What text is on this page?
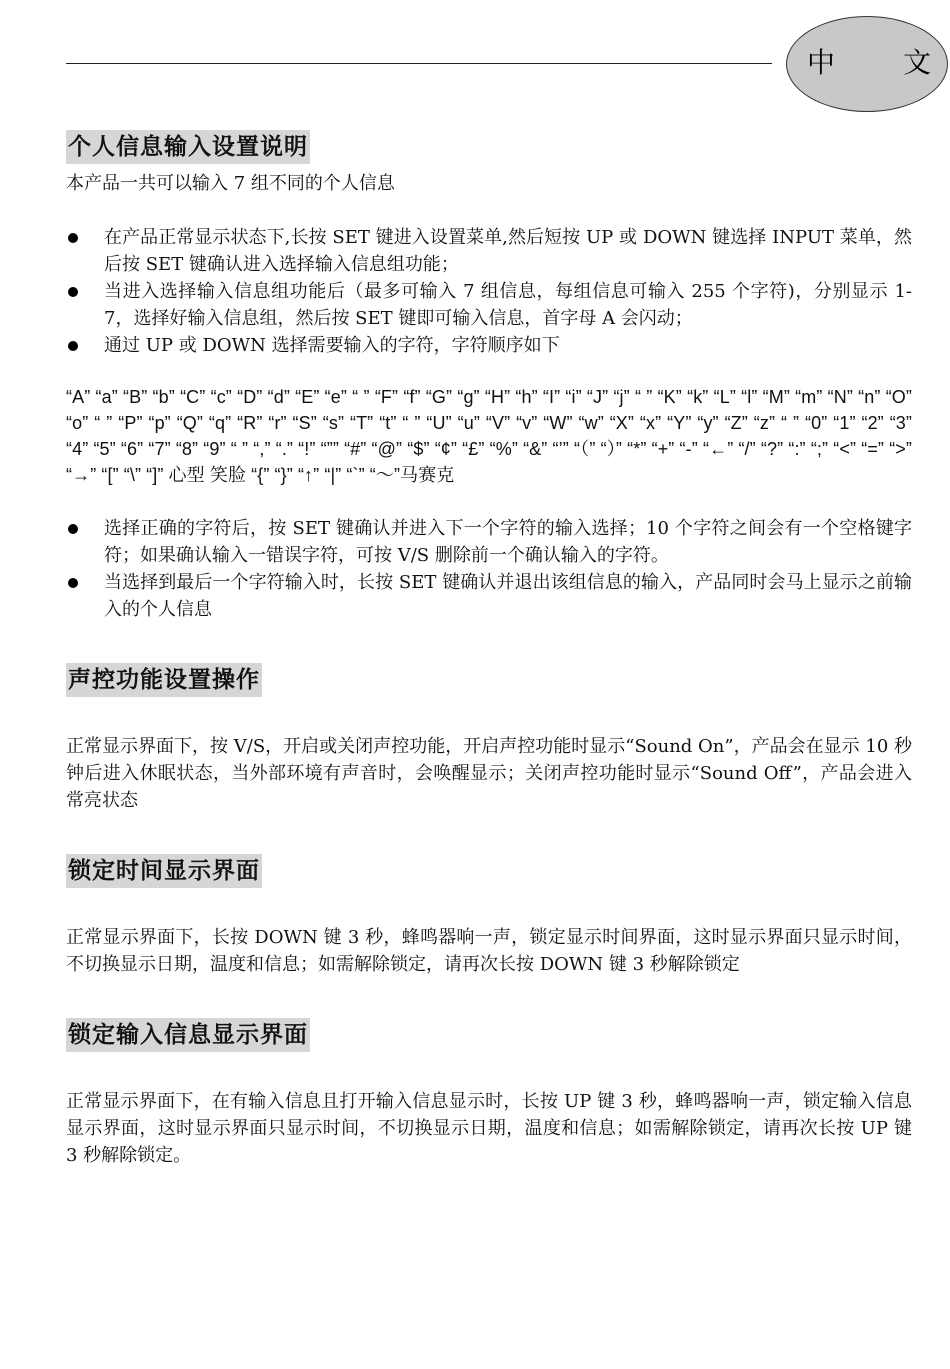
中 文
个人信息输入设置说明

本产品一共可以输入 7 组不同的个人信息

在产品正常显示状态下,长按 SET 键进入设置菜单,然后短按 UP 或 DOWN 键选择 INPUT 菜单，然后按 SET 键确认进入选择输入信息组功能；
当进入选择输入信息组功能后（最多可输入 7 组信息，每组信息可输入 255 个字符)，分别显示 1-7，选择好输入信息组，然后按 SET 键即可输入信息，首字母 A 会闪动；
通过 UP 或 DOWN 选择需要输入的字符，字符顺序如下

“A” “a” “B” “b” “C” “c” “D” “d” “E” “e” “ ” “F” “f” “G” “g” “H” “h” “I” “i” “J” “j” “ ” “K” “k” “L” “l” “M” “m” “N” “n” “O” “o” “ ” “P” “p” “Q” “q” “R” “r” “S” “s” “T” “t” “ ” “U” “u” “V” “v” “W” “w” “X” “x” “Y” “y” “Z” “z” “ ” “0” “1” “2” “3” “4” “5” “6” “7” “8” “9” “ ” “,” “.” “!” “”” “#” “@” “$” “¢” “£” “%” “&” “’” “（” “）” “*” “+” “-” “←” “/” “?” “:” “;” “<” “=” “>” “→” “[” “\” “]” 心型 笑脸 “{” “}” “↑” “|” “`” “～”马赛克

选择正确的字符后，按 SET 键确认并进入下一个字符的输入选择；10 个字符之间会有一个空格键字符；如果确认输入一错误字符，可按 V/S 删除前一个确认输入的字符。
当选择到最后一个字符输入时，长按 SET 键确认并退出该组信息的输入，产品同时会马上显示之前输入的个人信息
声控功能设置操作

正常显示界面下，按 V/S，开启或关闭声控功能，开启声控功能时显示“Sound On”，产品会在显示 10 秒钟后进入休眠状态，当外部环境有声音时，会唤醒显示；关闭声控功能时显示“Sound Off”，产品会进入常亮状态

锁定时间显示界面

正常显示界面下，长按 DOWN 键 3 秒，蜂鸣器响一声，锁定显示时间界面，这时显示界面只显示时间，不切换显示日期，温度和信息；如需解除锁定，请再次长按 DOWN 键 3 秒解除锁定

锁定输入信息显示界面

正常显示界面下，在有输入信息且打开输入信息显示时，长按 UP 键 3 秒，蜂鸣器响一声，锁定输入信息显示界面，这时显示界面只显示时间，不切换显示日期，温度和信息；如需解除锁定，请再次长按 UP 键 3 秒解除锁定。
